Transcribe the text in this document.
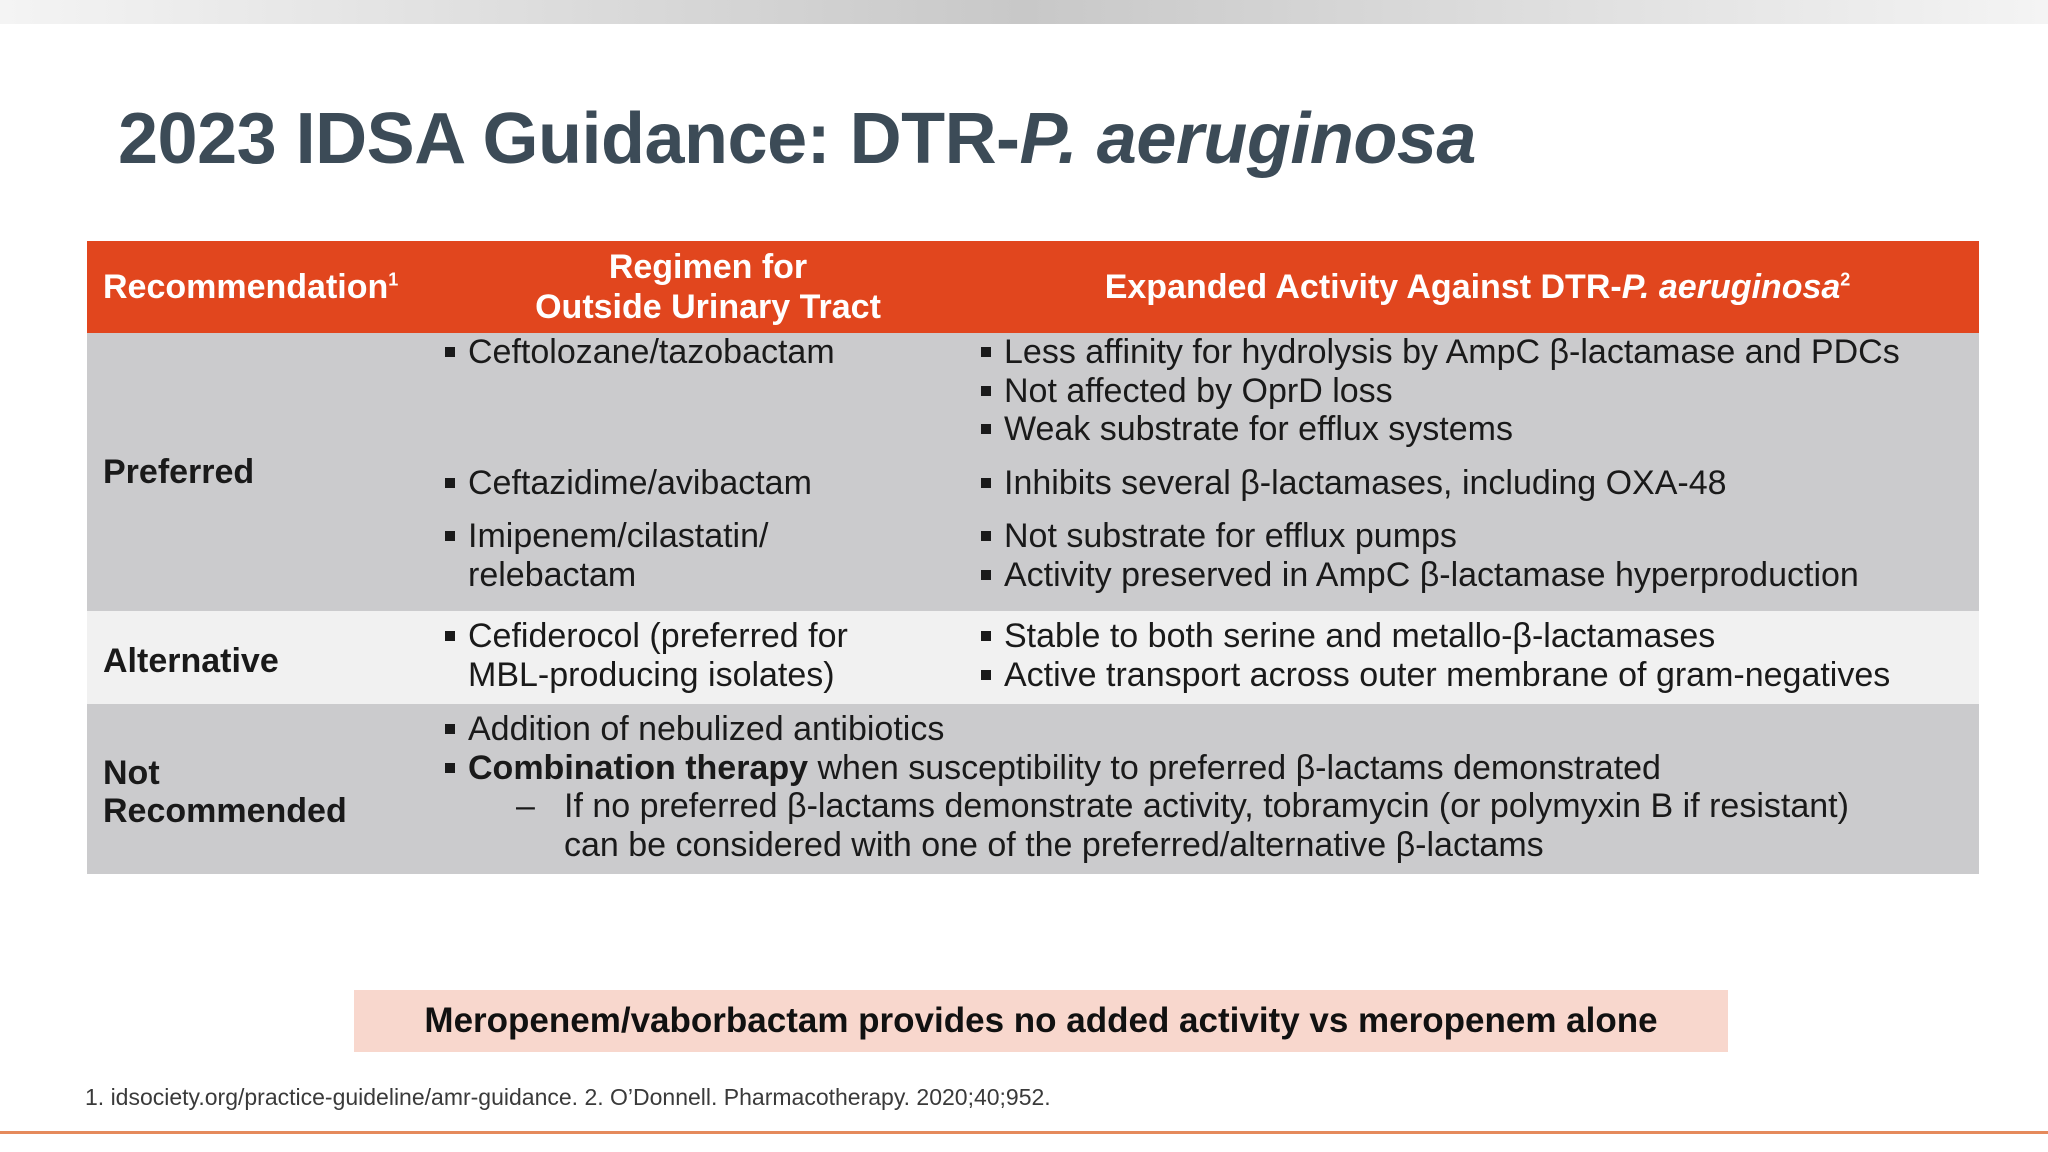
2023 IDSA Guidance: DTR-P. aeruginosa
Recommendation$^1$	Regimen for
Outside Urinary Tract
Expanded Activity Against DTR-P. aeruginosa$^2$
Preferred
Ceftolozane/tazobactam
Ceftazidime/avibactam
Imipenem/cilastatin/
relebactam
Less affinity for hydrolysis by AmpC β-lactamase and PDCs
Not affected by OprD loss
Weak substrate for efflux systems
Inhibits several β-lactamases, including OXA-48
Not substrate for efflux pumps
Activity preserved in AmpC β-lactamase hyperproduction
Alternative
Cefiderocol (preferred for
MBL-producing isolates)
Stable to both serine and metallo-β-lactamases
Active transport across outer membrane of gram-negatives
Not
Recommended
Addition of nebulized antibiotics
Combination therapy when susceptibility to preferred β-lactams demonstrated
– If no preferred β-lactams demonstrate activity, tobramycin (or polymyxin B if resistant)
can be considered with one of the preferred/alternative β-lactams
Meropenem/vaborbactam provides no added activity vs meropenem alone
1. idsociety.org/practice-guideline/amr-guidance. 2. O’Donnell. Pharmacotherapy. 2020;40;952.
